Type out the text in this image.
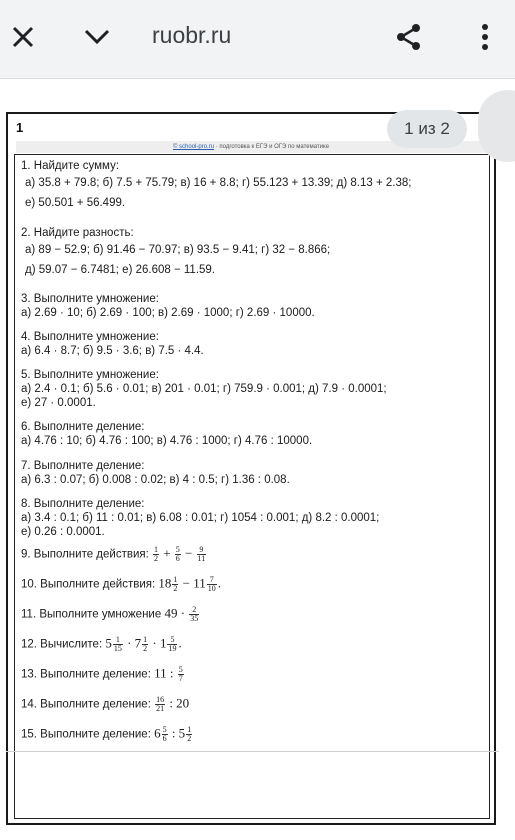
ruobr.ru
1
© school-pro.ru · подготовка к ЕГЭ и ОГЭ по математике
1. Найдите сумму:
а) 35.8 + 79.8; б) 7.5 + 75.79; в) 16 + 8.8; г) 55.123 + 13.39; д) 8.13 + 2.38;
е) 50.501 + 56.499.
2. Найдите разность:
а) 89 − 52.9; б) 91.46 − 70.97; в) 93.5 − 9.41; г) 32 − 8.866;
д) 59.07 − 6.7481; е) 26.608 − 11.59.
3. Выполните умножение:
а) 2.69 · 10; б) 2.69 · 100; в) 2.69 · 1000; г) 2.69 · 10000.
4. Выполните умножение:
а) 6.4 · 8.7; б) 9.5 · 3.6; в) 7.5 · 4.4.
5. Выполните умножение:
а) 2.4 · 0.1; б) 5.6 · 0.01; в) 201 · 0.01; г) 759.9 · 0.001; д) 7.9 · 0.0001;
е) 27 · 0.0001.
6. Выполните деление:
а) 4.76 : 10; б) 4.76 : 100; в) 4.76 : 1000; г) 4.76 : 10000.
7. Выполните деление:
а) 6.3 : 0.07; б) 0.008 : 0.02; в) 4 : 0.5; г) 1.36 : 0.08.
8. Выполните деление:
а) 3.4 : 0.1; б) 11 : 0.01; в) 6.08 : 0.01; г) 1054 : 0.001; д) 8.2 : 0.0001;
е) 0.26 : 0.0001.
9. Выполните действия: $\frac{1}{2} + \frac{5}{6} - \frac{9}{11}$
10. Выполните действия: $18 \frac{1}{2} - 11 \frac{7}{10}$ .
11. Выполните умножение $49 \cdot \frac{2}{35}$
12. Вычислите: $5 \frac{1}{15} \cdot 7 \frac{1}{2} \cdot 1 \frac{5}{19}$ .
13. Выполните деление: 11 : $\frac{5}{7}$
14. Выполните деление: $\frac{16}{21}$ : 20
15. Выполните деление: $6 \frac{5}{6}$ : $5 \frac{1}{2}$
1 из 2
